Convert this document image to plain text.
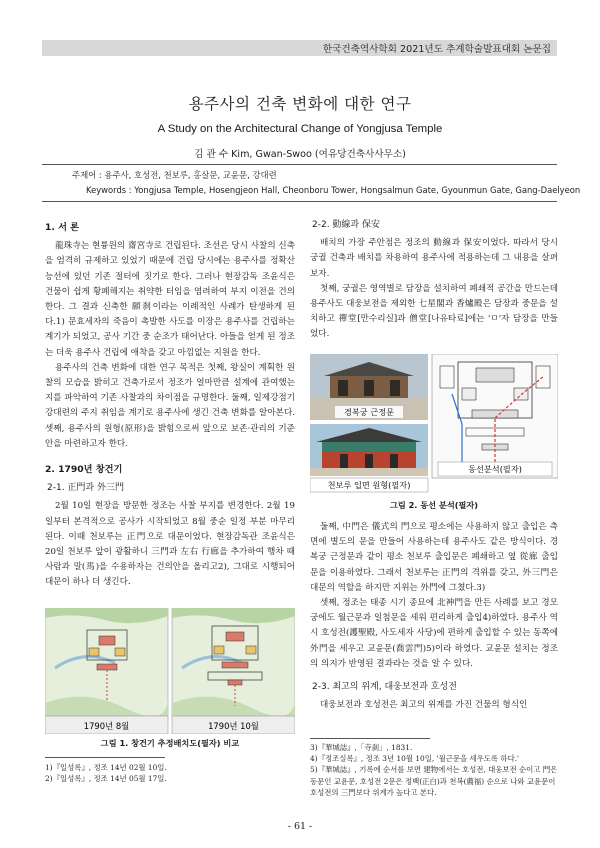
한국건축역사학회 2021년도 추계학술발표대회 논문집
용주사의 건축 변화에 대한 연구
A Study on the Architectural Change of Yongjusa Temple
김 관 수 Kim, Gwan-Swoo (여유당건축사사무소)
주제어 : 용주사, 호성전, 천보루, 홍살문, 교윤문, 강대련
Keywords : Yongjusa Temple, Hosengjeon Hall, Cheonboru Tower, Hongsalmun Gate, Gyounmun Gate, Gang-Daelyeon
1. 서 론

龍珠寺는 현륭원의 齋宮寺로 건립된다. 조선은 당시 사찰의 신축을 엄격히 규제하고 있었기 때문에 건립 당시에는 용주사를 정확산 능선에 있던 기존 절터에 짓기로 한다. 그러나 현장감독 조윤식은 건물이 쉽게 황폐해지는 취약한 터임을 염려하여 부지 이전을 건의한다. 그 결과 신축한 願刹이라는 이례적인 사례가 탄생하게 된다.1) 문효세자의 죽음이 촉발한 사도를 이장은 용주사를 건립하는 계기가 되었고, 공사 기간 중 순조가 태어난다. 아들을 얻게 된 정조는 더욱 용주사 건립에 애착을 갖고 아낌없는 지원을 한다.

용주사의 건축 변화에 대한 연구 목적은 첫째, 왕실이 계획한 원찰의 모습을 밝히고 건축가로서 정조가 얼마만큼 설계에 관여했는지를 파악하여 기존 사찰과의 차이점을 규명한다. 둘째, 일제강점기 강대련의 주지 취임을 계기로 용주사에 생긴 건축 변화를 알아본다. 셋째, 용주사의 원형(原形)을 밝힘으로써 앞으로 보존·관리의 기준안을 마련하고자 한다.

2. 1790년 창건기
2-1. 正門과 外三門

2월 10일 현장을 방문한 정조는 사찰 부지를 변경한다. 2월 19일부터 본격적으로 공사가 시작되었고 8월 중순 일정 부분 마무리된다. 이때 천보루는 正門으로 대문이었다. 현장감독관 조윤식은 20일 천보루 앞이 광활하니 三門과 左右 行廊을 추가하여 행차 때 사람과 말(馬)을 수용하자는 건의안을 올리고2), 그대로 시행되어 대문이 하나 더 생긴다.

1790년 8월	1790년 10월
그림 1. 창건기 추정배치도(필자) 비교
1)『일성록』, 정조 14년 02월 10일.
2)『일성록』, 정조 14년 05월 17일.
2-2. 動線과 保安

배치의 가장 주안점은 정조의 動線과 保安이었다. 따라서 당시 궁궐 건축과 배치를 차용하여 용주사에 적용하는데 그 내용을 살펴보자.

첫째, 궁궐은 영역별로 담장을 설치하여 폐쇄적 공간을 만드는데 용주사도 대웅보전을 제외한 七星閣과 香爐殿은 담장과 중문을 설치하고 禪堂[만수리실]과 僧堂[나유타료]에는 'ㅁ'자 담장을 만들었다.

경복궁 근정문
천보루 입면 원형(필자)
동선분석(필자)
그림 2. 동선 분석(필자)

둘째, 中門은 儀式의 門으로 평소에는 사용하지 않고 출입은 측면에 별도의 문을 만들어 사용하는데 용주사도 같은 방식이다. 경복궁 근정문과 같이 평소 천보루 출입문은 폐쇄하고 옆 從廊 출입문을 이용하였다. 그래서 천보루는 正門의 격위를 갖고, 外三門은 대문의 역할을 하지만 지위는 外門에 그쳤다.3)

셋째, 정조는 태종 시기 종묘에 北神門을 만든 사례를 보고 경모궁에도 월근문과 일첨문을 세워 편리하게 출입4)하였다. 용주사 역시 호성전(護聖殿, 사도세자 사당)에 편하게 출입할 수 있는 동쪽에 外門을 세우고 교윤문(喬雲門)5)이라 하였다. 교윤문 설치는 정조의 의지가 반영된 결과라는 것을 알 수 있다.

2-3. 최고의 위계, 대웅보전과 호성전

대웅보전과 호성전은 최고의 위계를 가진 건물의 형식인

3)『華城誌』,「寺刹」, 1831.
4)『정조실록』, 정조 3년 10월 10일, '월근문을 세우도록 하다.'
5)『華城誌』, 기록에 순서를 보면 建物에서는 호성전, 대웅보전 순이고 門은 동문인 교윤문, 호성전 2문은 정백(正白)과 천복(薦福) 순으로 나와 교윤문이 호성전의 三門보다 위계가 높다고 본다.
- 61 -
